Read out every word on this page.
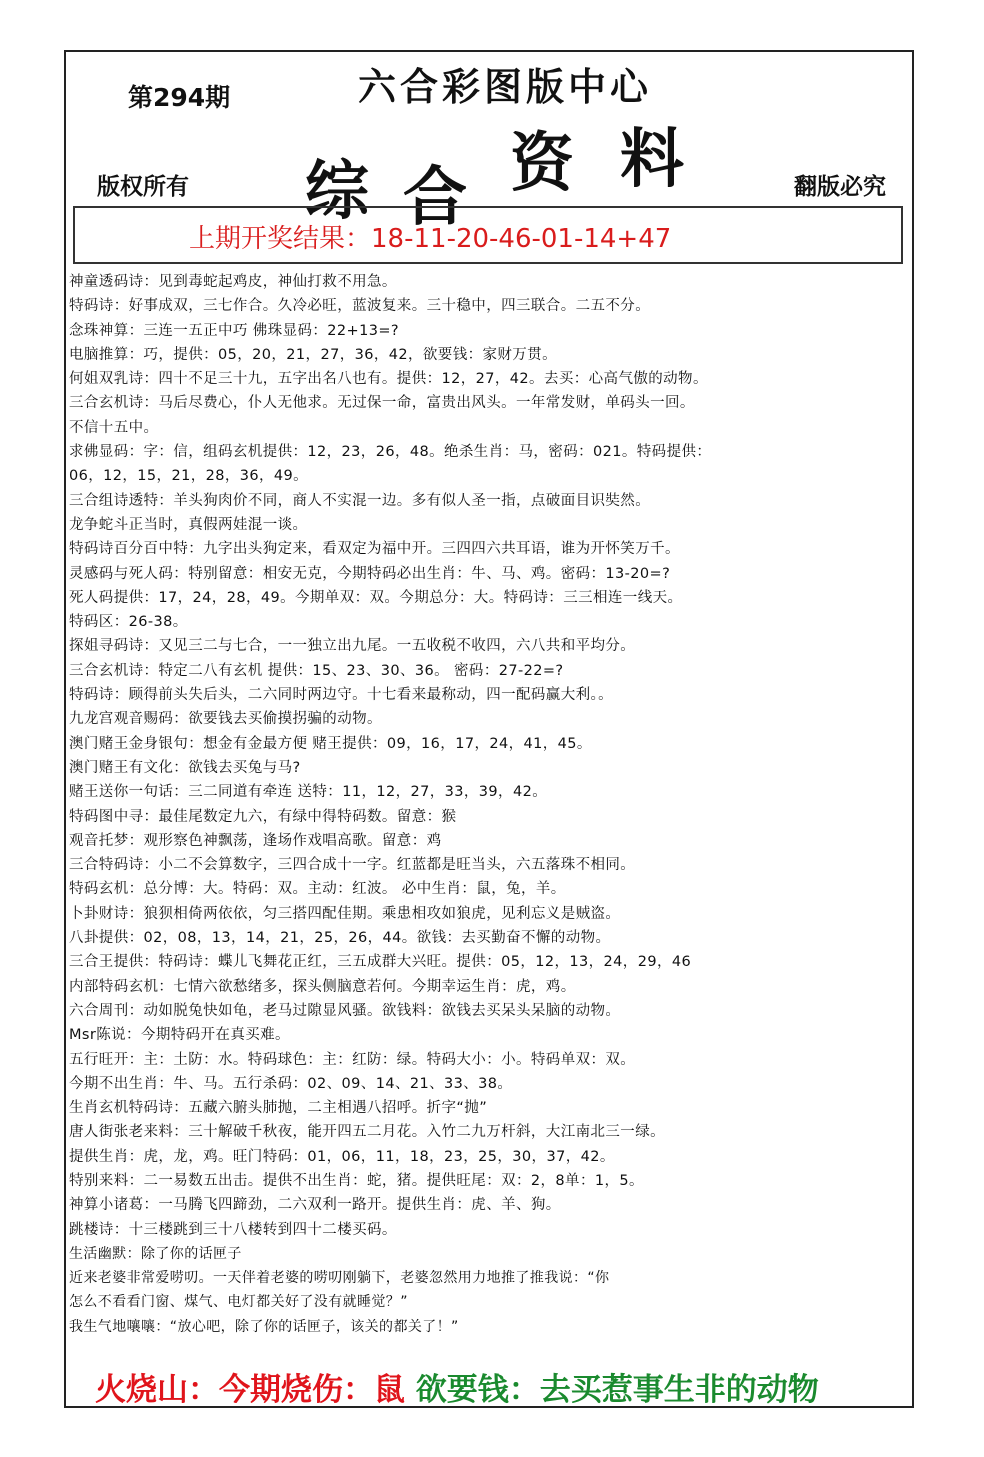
第294期	六合彩图版中心
综 合 资 料
版权所有	翻版必究
上期开奖结果：18-11-20-46-01-14+47
神童透码诗：见到毒蛇起鸡皮，神仙打救不用急。
特码诗：好事成双，三七作合。久冷必旺，蓝波复来。三十稳中，四三联合。二五不分。
念珠神算：三连一五正中巧 佛珠显码：22+13=?
电脑推算：巧，提供：05，20，21，27，36，42，欲要钱：家财万贯。
何姐双乳诗：四十不足三十九，五字出名八也有。提供：12，27，42。去买：心高气傲的动物。
三合玄机诗：马后尽费心，仆人无他求。无过保一命，富贵出风头。一年常发财，单码头一回。
不信十五中。
求佛显码：字：信，组码玄机提供：12，23，26，48。绝杀生肖：马，密码：021。特码提供：
06，12，15，21，28，36，49。
三合组诗透特：羊头狗肉价不同，商人不实混一边。多有似人圣一指，点破面目识奘然。
龙争蛇斗正当时，真假两娃混一谈。
特码诗百分百中特：九字出头狗定来，看双定为福中开。三四四六共耳语，谁为开怀笑万千。
灵感码与死人码：特别留意：相安无克，今期特码必出生肖：牛、马、鸡。密码：13-20=?
死人码提供：17，24，28，49。今期单双：双。今期总分：大。特码诗：三三相连一线天。
特码区：26-38。
探姐寻码诗：又见三二与七合，一一独立出九尾。一五收税不收四，六八共和平均分。
三合玄机诗：特定二八有玄机 提供：15、23、30、36。 密码：27-22=?
特码诗：顾得前头失后头，二六同时两边守。十七看来最称动，四一配码赢大利。。
九龙宫观音赐码：欲要钱去买偷摸拐骗的动物。
澳门赌王金身银句：想金有金最方便 赌王提供：09，16，17，24，41，45。
澳门赌王有文化：欲钱去买兔与马?
赌王送你一句话：三二同道有牵连 送特：11，12，27，33，39，42。
特码图中寻：最佳尾数定九六，有绿中得特码数。留意：猴
观音托梦：观形察色神飘荡，逢场作戏唱高歌。留意：鸡
三合特码诗：小二不会算数字，三四合成十一字。红蓝都是旺当头，六五落珠不相同。
特码玄机：总分博：大。特码：双。主动：红波。 必中生肖：鼠，兔，羊。
卜卦财诗：狼狈相倚两依依，匀三搭四配佳期。乘患相攻如狼虎，见利忘义是贼盗。
八卦提供：02，08，13，14，21，25，26，44。欲钱：去买勤奋不懈的动物。
三合王提供：特码诗：蝶儿飞舞花正红，三五成群大兴旺。提供：05，12，13，24，29，46
内部特码玄机：七情六欲愁绪多，探头侧脑意若何。今期幸运生肖：虎，鸡。
六合周刊：动如脱兔快如龟，老马过隙显风骚。欲钱料：欲钱去买呆头呆脑的动物。
Msr陈说：今期特码开在真买难。
五行旺开：主：土防：水。特码球色：主：红防：绿。特码大小：小。特码单双：双。
今期不出生肖：牛、马。五行杀码：02、09、14、21、33、38。
生肖玄机特码诗：五藏六腑头肺抛，二主相遇八招呼。折字“抛”
唐人街张老来料：三十解破千秋夜，能开四五二月花。入竹二九万杆斜，大江南北三一绿。
提供生肖：虎，龙，鸡。旺门特码：01，06，11，18，23，25，30，37，42。
特别来料：二一易数五出击。提供不出生肖：蛇，猪。提供旺尾：双：2，8单：1，5。
神算小诸葛：一马腾飞四蹄劲，二六双利一路开。提供生肖：虎、羊、狗。
跳楼诗：十三楼跳到三十八楼转到四十二楼买码。
生活幽默：除了你的话匣子
近来老婆非常爱唠叨。一天伴着老婆的唠叨刚躺下，老婆忽然用力地推了推我说：“你
怎么不看看门窗、煤气、电灯都关好了没有就睡觉？”
我生气地嚷嚷：“放心吧，除了你的话匣子，该关的都关了！”
火烧山：今期烧伤：鼠 欲要钱：去买惹事生非的动物
